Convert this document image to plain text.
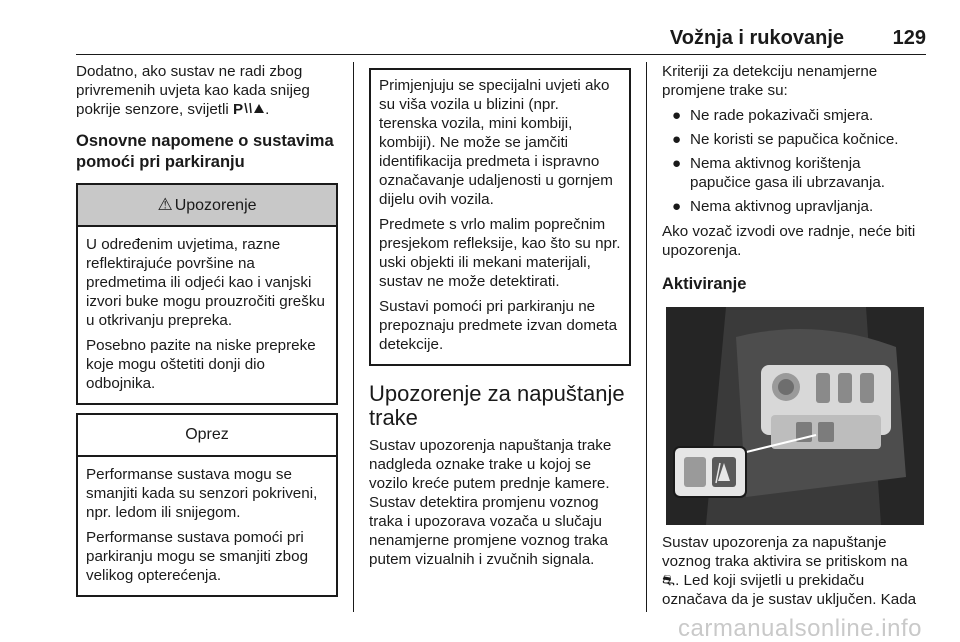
Vožnja i rukovanje 129

Dodatno, ako sustav ne radi zbog privremenih uvjeta kao kada snijeg pokrije senzore, svijetli P .

Osnovne napomene o sustavima pomoći pri parkiranju
⚠ Upozorenje

U određenim uvjetima, razne reflektirajuće površine na predmetima ili odjeći kao i vanjski izvori buke mogu prouzročiti grešku u otkrivanju prepreka.

Posebno pazite na niske prepreke koje mogu oštetiti donji dio odbojnika.

Oprez

Performanse sustava mogu se smanjiti kada su senzori pokriveni, npr. ledom ili snijegom.

Performanse sustava pomoći pri parkiranju mogu se smanjiti zbog velikog opterećenja.

Primjenjuju se specijalni uvjeti ako su viša vozila u blizini (npr. terenska vozila, mini kombiji, kombiji). Ne može se jamčiti identifikacija predmeta i ispravno označavanje udaljenosti u gornjem dijelu ovih vozila.

Predmete s vrlo malim poprečnim presjekom refleksije, kao što su npr. uski objekti ili mekani materijali, sustav ne može detektirati.

Sustavi pomoći pri parkiranju ne prepoznaju predmete izvan dometa detekcije.

Upozorenje za napuštanje trake

Sustav upozorenja napuštanja trake nadgleda oznake trake u kojoj se vozilo kreće putem prednje kamere. Sustav detektira promjenu voznog traka i upozorava vozača u slučaju nenamjerne promjene voznog traka putem vizualnih i zvučnih signala.

Kriteriji za detekciju nenamjerne promjene trake su:

● Ne rade pokazivači smjera.
● Ne koristi se papučica kočnice.
● Nema aktivnog korištenja papučice gasa ili ubrzavanja.
● Nema aktivnog upravljanja.

Ako vozač izvodi ove radnje, neće biti upozorenja.

Aktiviranje

Sustav upozorenja za napuštanje voznog traka aktivira se pritiskom na ⛐. Led koji svijetli u prekidaču označava da je sustav uključen. Kada

carmanualsonline.info
